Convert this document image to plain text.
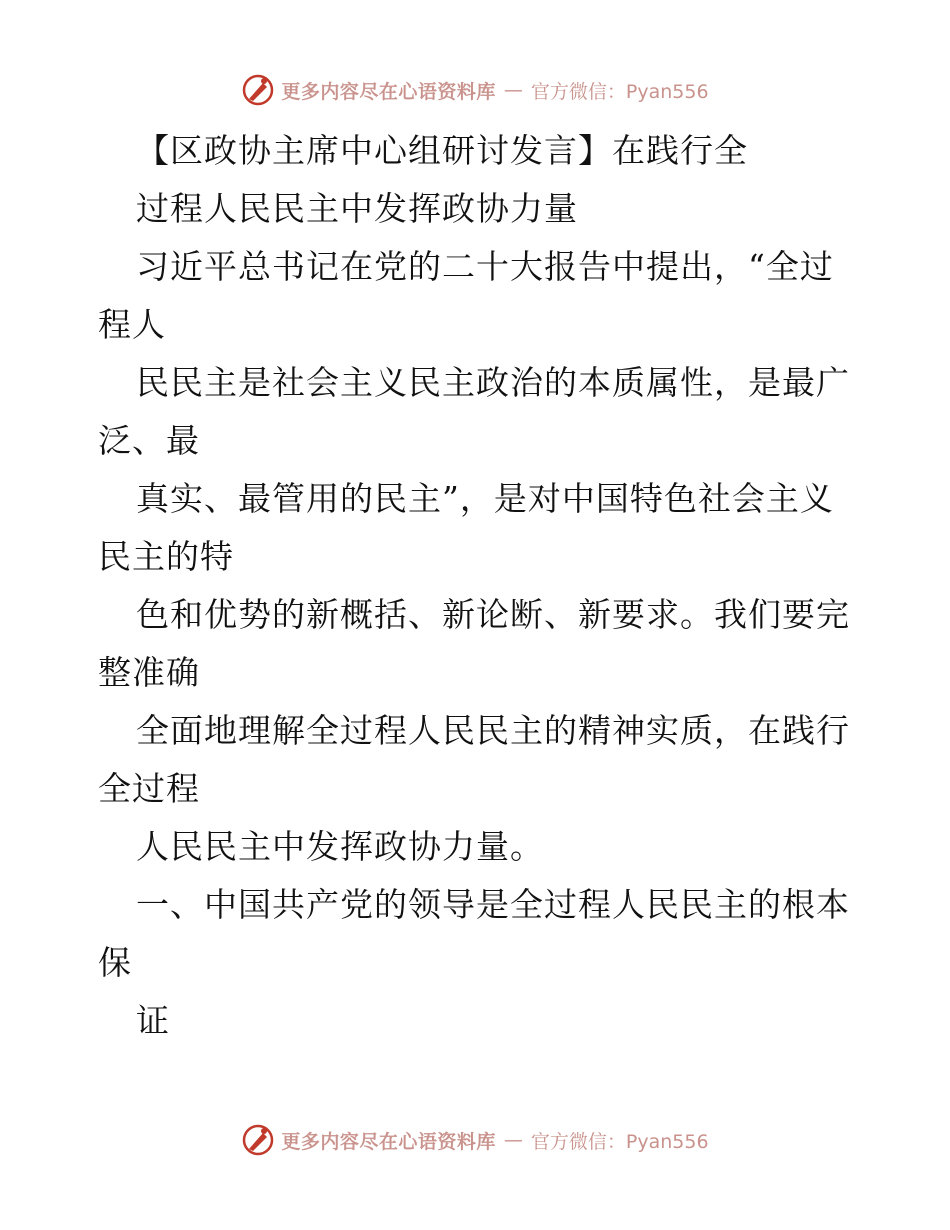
更多内容尽在心语资料库 — 官方微信：Pyan556
【区政协主席中心组研讨发言】在践行全
过程人民民主中发挥政协力量
习近平总书记在党的二十大报告中提出，“全过
程人
民民主是社会主义民主政治的本质属性，是最广
泛、最
真实、最管用的民主”，是对中国特色社会主义
民主的特
色和优势的新概括、新论断、新要求。我们要完
整准确
全面地理解全过程人民民主的精神实质，在践行
全过程
人民民主中发挥政协力量。
一、中国共产党的领导是全过程人民民主的根本
保
证
更多内容尽在心语资料库 — 官方微信：Pyan556
